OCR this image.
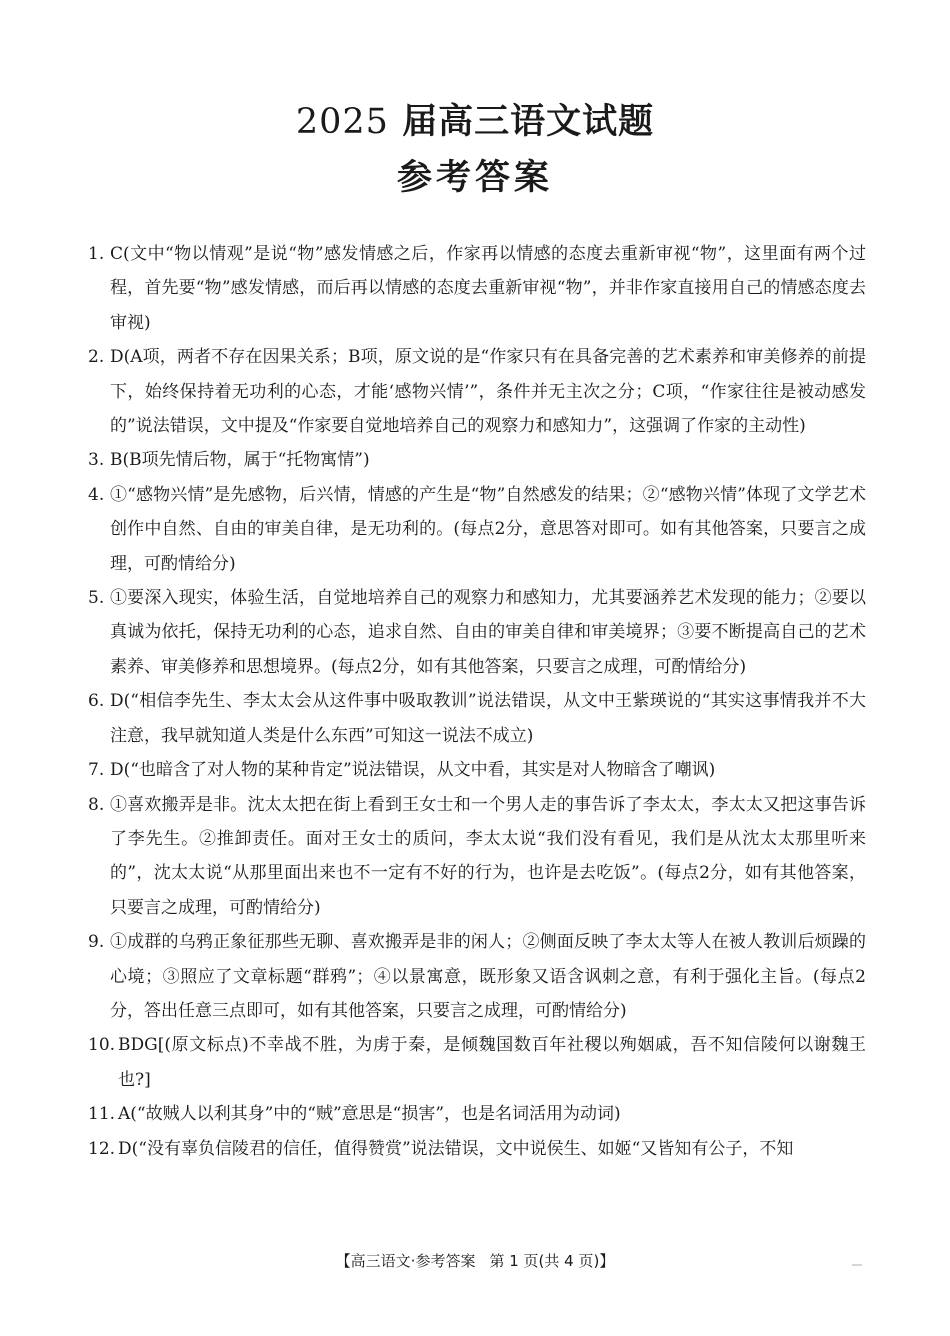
2025 届高三语文试题
参考答案
1. C(文中“物以情观”是说“物”感发情感之后，作家再以情感的态度去重新审视“物”，这里面有两个过程，首先要“物”感发情感，而后再以情感的态度去重新审视“物”，并非作家直接用自己的情感态度去审视)
2. D(A项，两者不存在因果关系；B项，原文说的是“作家只有在具备完善的艺术素养和审美修养的前提下，始终保持着无功利的心态，才能‘感物兴情’”，条件并无主次之分；C项，“作家往往是被动感发的”说法错误，文中提及“作家要自觉地培养自己的观察力和感知力”，这强调了作家的主动性)
3. B(B项先情后物，属于“托物寓情”)
4. ①“感物兴情”是先感物，后兴情，情感的产生是“物”自然感发的结果；②“感物兴情”体现了文学艺术创作中自然、自由的审美自律，是无功利的。(每点2分，意思答对即可。如有其他答案，只要言之成理，可酌情给分)
5. ①要深入现实，体验生活，自觉地培养自己的观察力和感知力，尤其要涵养艺术发现的能力；②要以真诚为依托，保持无功利的心态，追求自然、自由的审美自律和审美境界；③要不断提高自己的艺术素养、审美修养和思想境界。(每点2分，如有其他答案，只要言之成理，可酌情给分)
6. D(“相信李先生、李太太会从这件事中吸取教训”说法错误，从文中王紫瑛说的“其实这事情我并不大注意，我早就知道人类是什么东西”可知这一说法不成立)
7. D(“也暗含了对人物的某种肯定”说法错误，从文中看，其实是对人物暗含了嘲讽)
8. ①喜欢搬弄是非。沈太太把在街上看到王女士和一个男人走的事告诉了李太太，李太太又把这事告诉了李先生。②推卸责任。面对王女士的质问，李太太说“我们没有看见，我们是从沈太太那里听来的”，沈太太说“从那里面出来也不一定有不好的行为，也许是去吃饭”。(每点2分，如有其他答案，只要言之成理，可酌情给分)
9. ①成群的乌鸦正象征那些无聊、喜欢搬弄是非的闲人；②侧面反映了李太太等人在被人教训后烦躁的心境；③照应了文章标题“群鸦”；④以景寓意，既形象又语含讽刺之意，有利于强化主旨。(每点2分，答出任意三点即可，如有其他答案，只要言之成理，可酌情给分)
10. BDG[(原文标点)不幸战不胜，为虏于秦，是倾魏国数百年社稷以殉姻戚，吾不知信陵何以谢魏王也?]
11. A(“故贼人以利其身”中的“贼”意思是“损害”，也是名词活用为动词)
12. D(“没有辜负信陵君的信任，值得赞赏”说法错误，文中说侯生、如姬“又皆知有公子，不知
【高三语文·参考答案 第 1 页(共 4 页)】
